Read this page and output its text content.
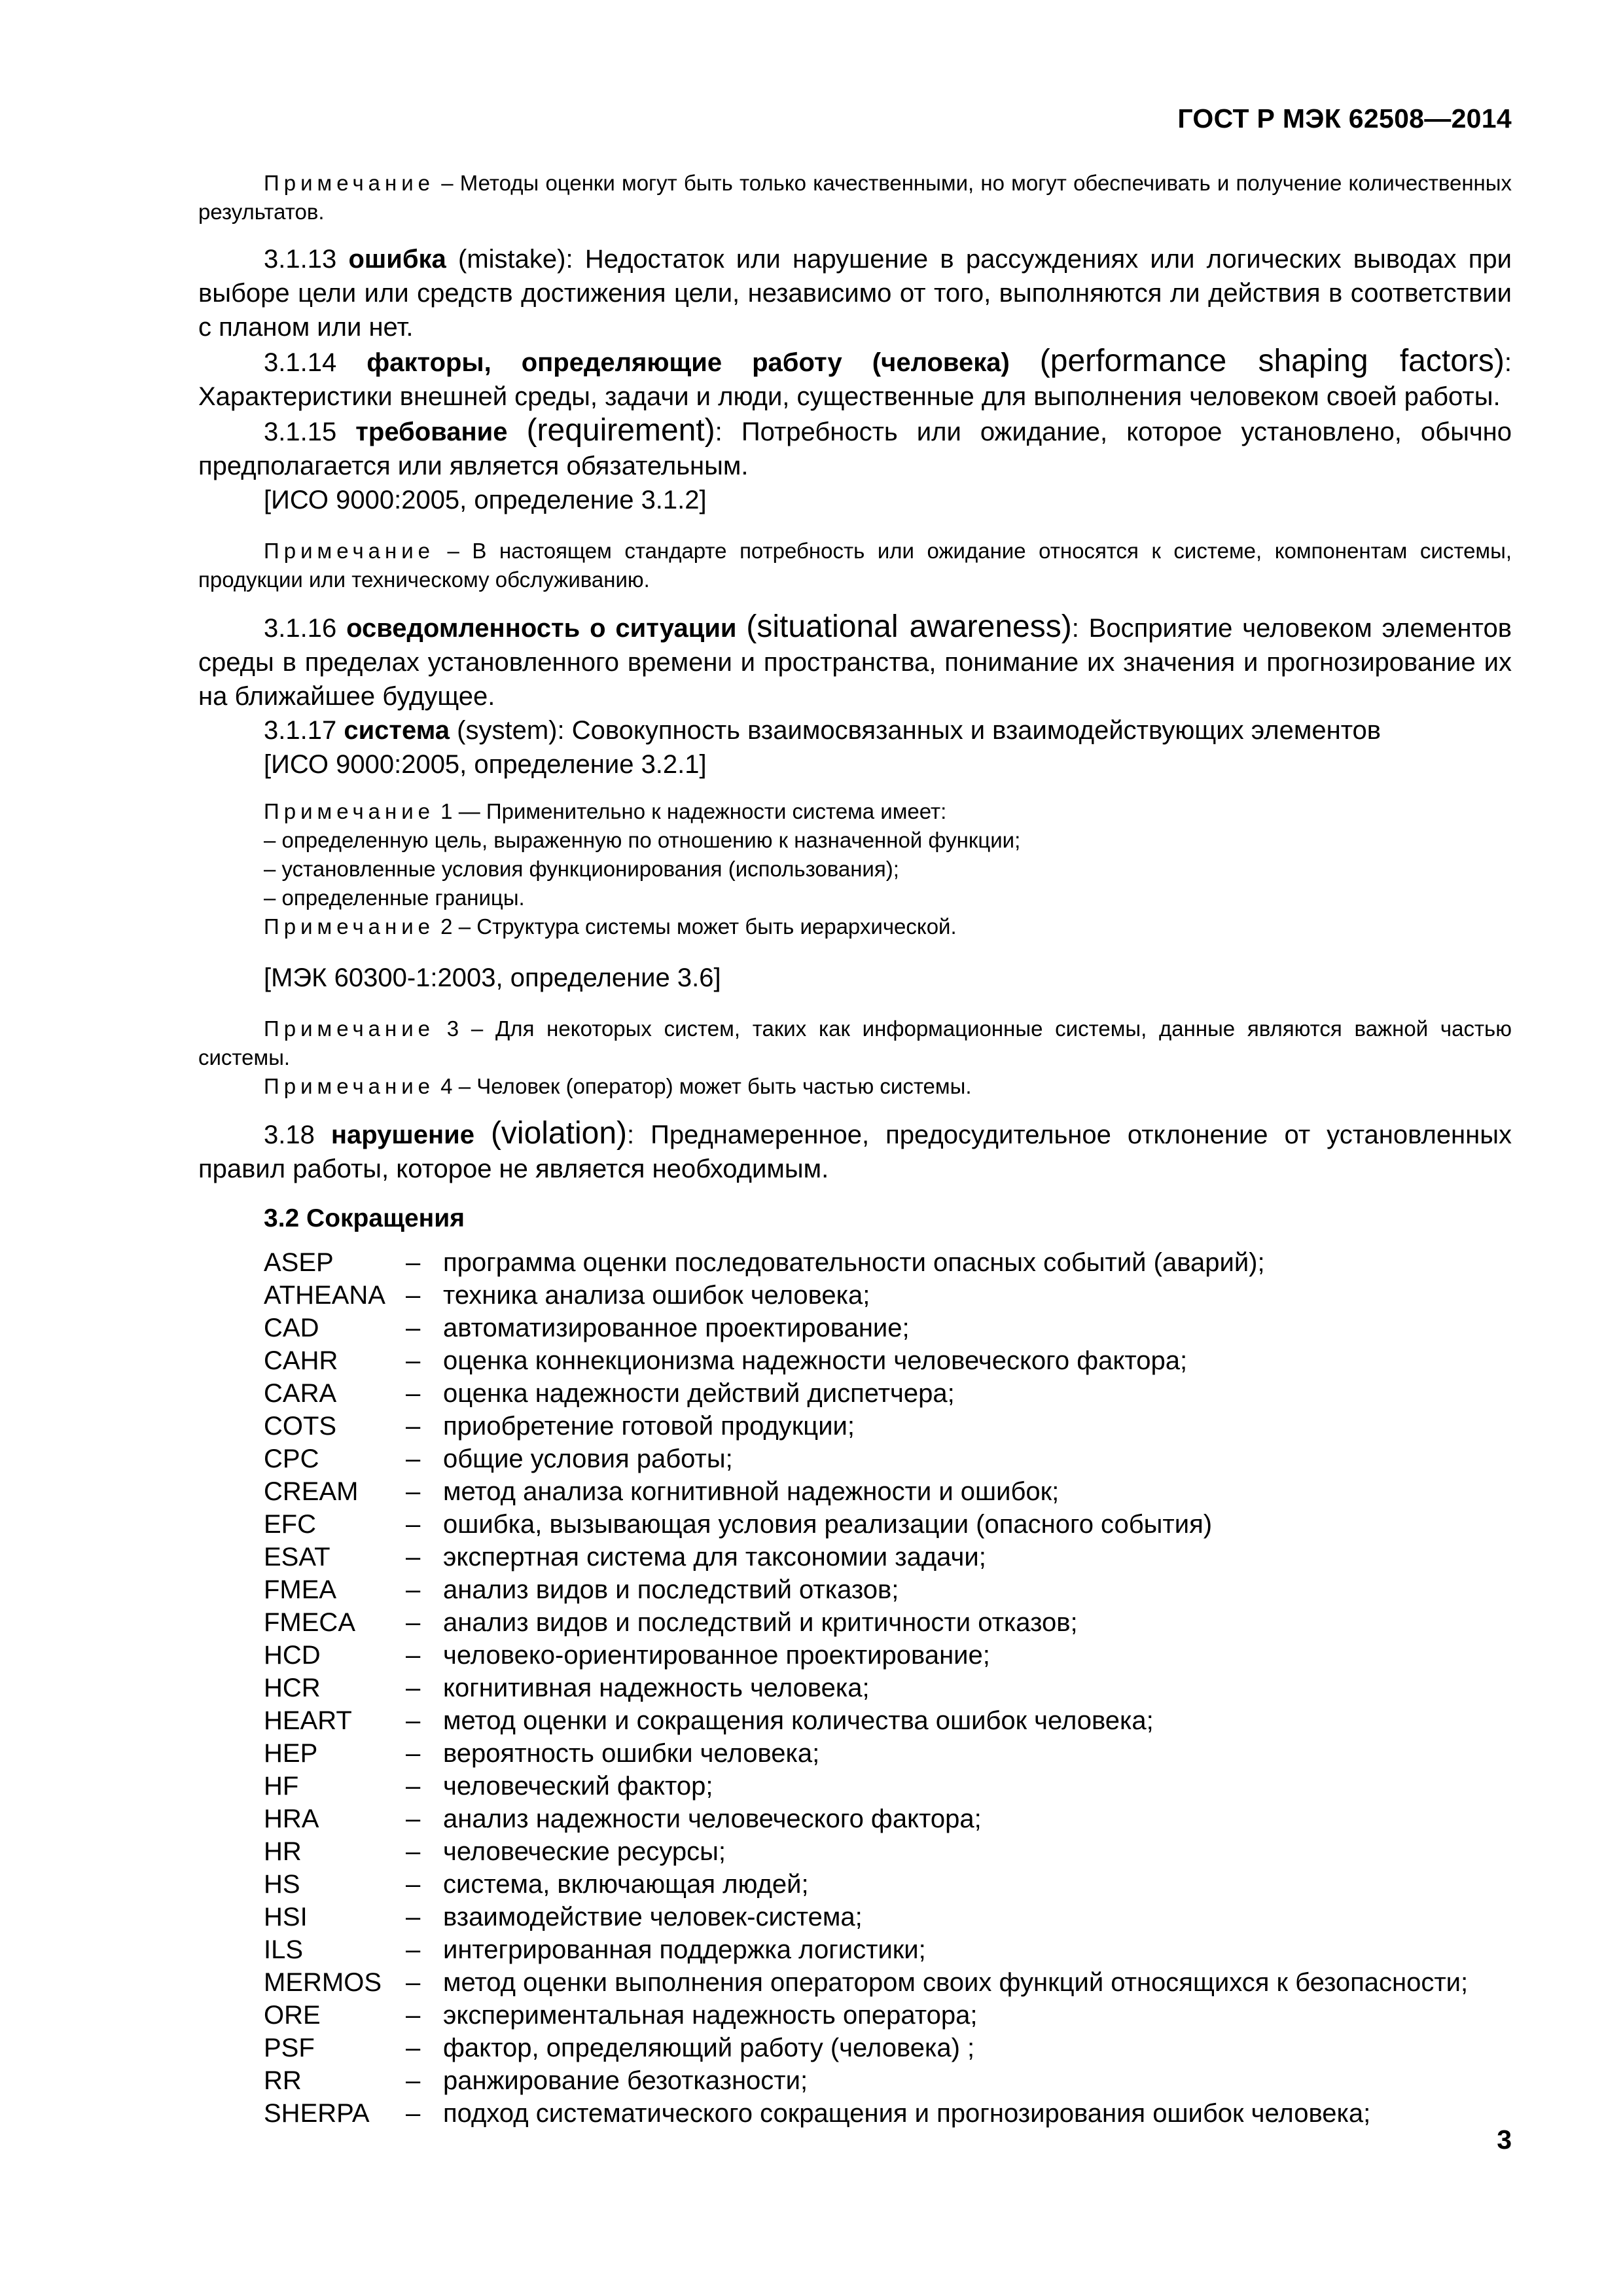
ГОСТ Р МЭК 62508—2014

Примечание – Методы оценки могут быть только качественными, но могут обеспечивать и получение количественных результатов.

3.1.13 ошибка (mistake): Недостаток или нарушение в рассуждениях или логических выводах при выборе цели или средств достижения цели, независимо от того, выполняются ли действия в соответствии с планом или нет.

3.1.14 факторы, определяющие работу (человека) (performance shaping factors): Характеристики внешней среды, задачи и люди, существенные для выполнения человеком своей работы.

3.1.15 требование (requirement): Потребность или ожидание, которое установлено, обычно предполагается или является обязательным.

[ИСО 9000:2005, определение 3.1.2]

Примечание – В настоящем стандарте потребность или ожидание относятся к системе, компонентам системы, продукции или техническому обслуживанию.

3.1.16 осведомленность о ситуации (situational awareness): Восприятие человеком элементов среды в пределах установленного времени и пространства, понимание их значения и прогнозирование их на ближайшее будущее.

3.1.17 система (system): Совокупность взаимосвязанных и взаимодействующих элементов

[ИСО 9000:2005, определение 3.2.1]

Примечание 1 — Применительно к надежности система имеет:

– определенную цель, выраженную по отношению к назначенной функции;

– установленные условия функционирования (использования);

– определенные границы.

Примечание 2 – Структура системы может быть иерархической.

[МЭК 60300-1:2003, определение 3.6]

Примечание 3 – Для некоторых систем, таких как информационные системы, данные являются важной частью системы.

Примечание 4 – Человек (оператор) может быть частью системы.

3.18 нарушение (violation): Преднамеренное, предосудительное отклонение от установленных правил работы, которое не является необходимым.

3.2 Сокращения

ASEP	– программа оценки последовательности опасных событий (аварий);
ATHEANA – техника анализа ошибок человека;
CAD	– автоматизированное проектирование;
CAHR	– оценка коннекционизма надежности человеческого фактора;
CARA	– оценка надежности действий диспетчера;
COTS	– приобретение готовой продукции;
CPC	– общие условия работы;
CREAM	– метод анализа когнитивной надежности и ошибок;
EFC	– ошибка, вызывающая условия реализации (опасного события)
ESAT	– экспертная система для таксономии задачи;
FMEA	– анализ видов и последствий отказов;
FMECA	– анализ видов и последствий и критичности отказов;
HCD	– человеко-ориентированное проектирование;
HCR	– когнитивная надежность человека;
HEART	– метод оценки и сокращения количества ошибок человека;
HEP	– вероятность ошибки человека;
HF	– человеческий фактор;
HRA	– анализ надежности человеческого фактора;
HR	– человеческие ресурсы;
HS	– система, включающая людей;
HSI	– взаимодействие человек-система;
ILS	– интегрированная поддержка логистики;
MERMOS – метод оценки выполнения оператором своих функций относящихся к безопасности;
ORE	– экспериментальная надежность оператора;
PSF	– фактор, определяющий работу (человека) ;
RR	– ранжирование безотказности;
SHERPA	– подход систематического сокращения и прогнозирования ошибок человека;
3
